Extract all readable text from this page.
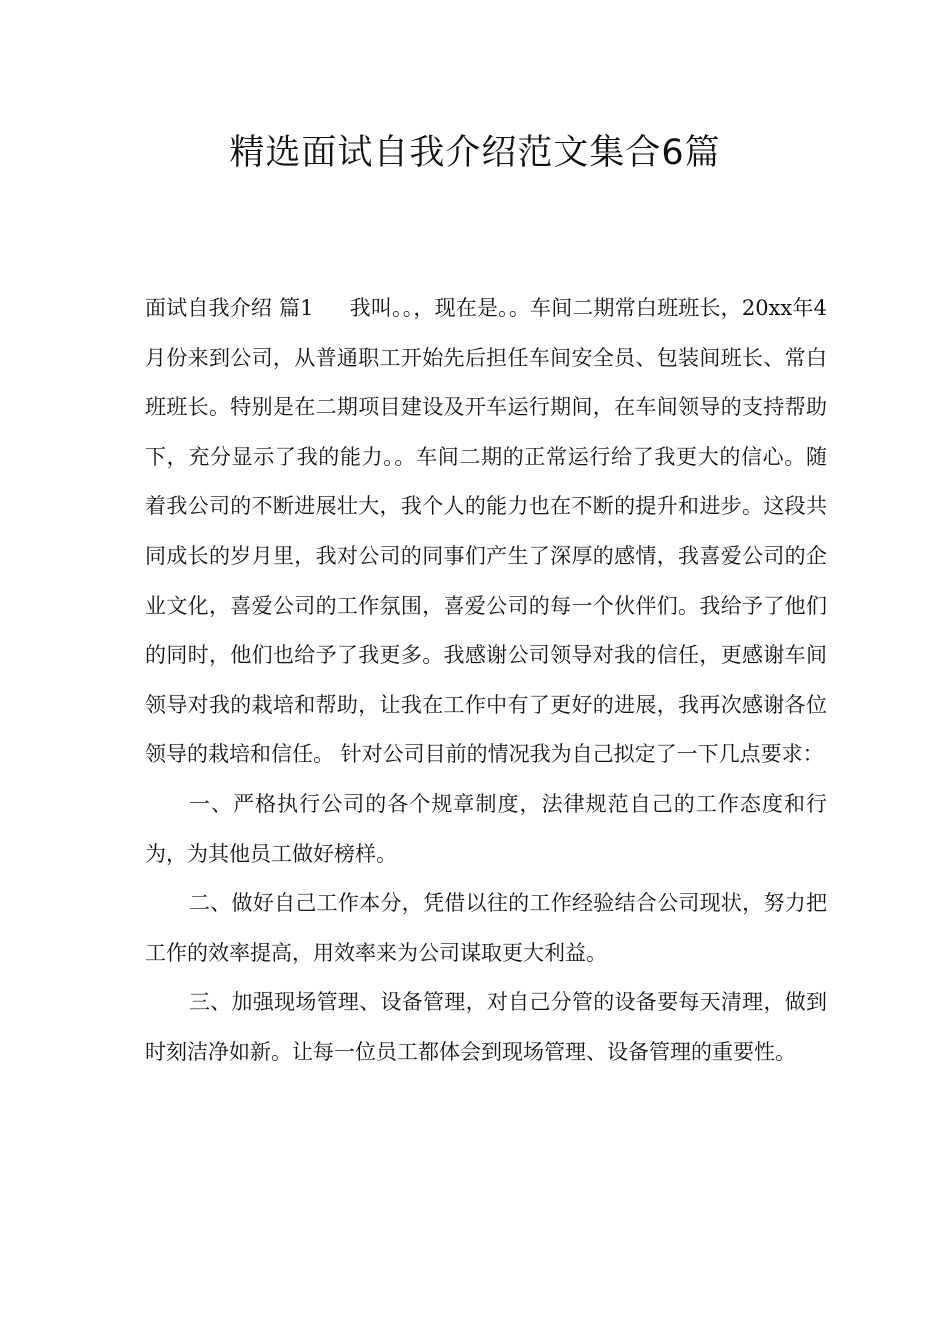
精选面试自我介绍范文集合6篇

面试自我介绍 篇1 我叫。。，现在是。。车间二期常白班班长，20xx年4月份来到公司，从普通职工开始先后担任车间安全员、包装间班长、常白班班长。特别是在二期项目建设及开车运行期间，在车间领导的支持帮助下，充分显示了我的能力。。车间二期的正常运行给了我更大的信心。随着我公司的不断进展壮大，我个人的能力也在不断的提升和进步。这段共同成长的岁月里，我对公司的同事们产生了深厚的感情，我喜爱公司的企业文化，喜爱公司的工作氛围，喜爱公司的每一个伙伴们。我给予了他们的同时，他们也给予了我更多。我感谢公司领导对我的信任，更感谢车间领导对我的栽培和帮助，让我在工作中有了更好的进展，我再次感谢各位领导的栽培和信任。 针对公司目前的情况我为自己拟定了一下几点要求：

一、严格执行公司的各个规章制度，法律规范自己的工作态度和行为，为其他员工做好榜样。

二、做好自己工作本分，凭借以往的工作经验结合公司现状，努力把工作的效率提高，用效率来为公司谋取更大利益。

三、加强现场管理、设备管理，对自己分管的设备要每天清理，做到时刻洁净如新。让每一位员工都体会到现场管理、设备管理的重要性。
